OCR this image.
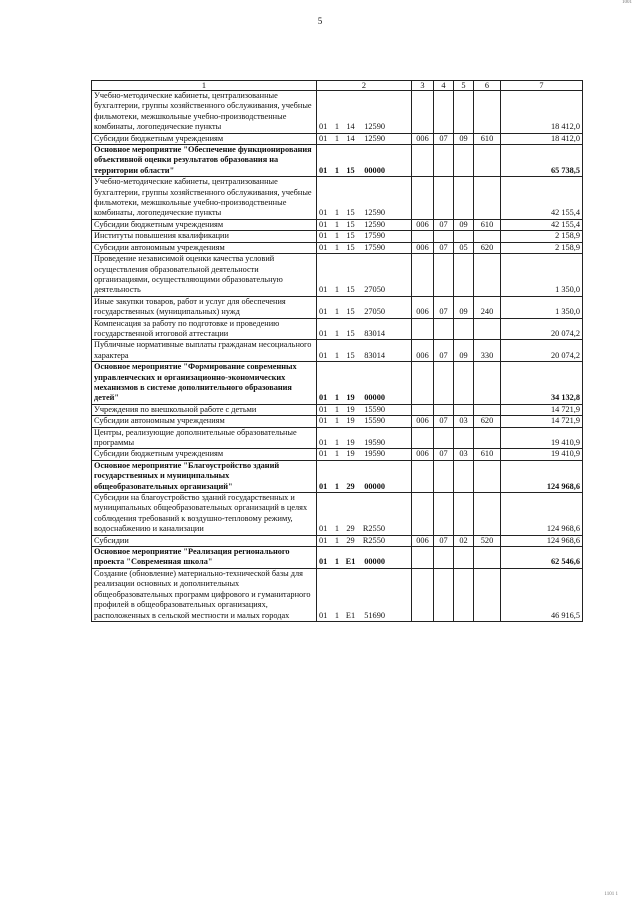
5
1001
1101 1
1	2	3	4	5	6	7
Учебно-методические кабинеты, централизованные бухгалтерии, группы хозяйственного обслуживания, учебные фильмотеки, межшкольные учебно-производственные комбинаты, логопедические пункты	01 1 14 12590					18 412,0
Субсидии бюджетным учреждениям	01 1 14 12590	006	07	09	610	18 412,0
Основное мероприятие "Обеспечение функционирования объективной оценки результатов образования на территории области"	01 1 15 00000					65 738,5
Учебно-методические кабинеты, централизованные бухгалтерии, группы хозяйственного обслуживания, учебные фильмотеки, межшкольные учебно-производственные комбинаты, логопедические пункты	01 1 15 12590					42 155,4
Субсидии бюджетным учреждениям	01 1 15 12590	006	07	09	610	42 155,4
Институты повышения квалификации	01 1 15 17590					2 158,9
Субсидии автономным учреждениям	01 1 15 17590	006	07	05	620	2 158,9
Проведение независимой оценки качества условий осуществления образовательной деятельности организациями, осуществляющими образовательную деятельность	01 1 15 27050					1 350,0
Иные закупки товаров, работ и услуг для обеспечения государственных (муниципальных) нужд	01 1 15 27050	006	07	09	240	1 350,0
Компенсация за работу по подготовке и проведению государственной итоговой аттестации	01 1 15 83014					20 074,2
Публичные нормативные выплаты гражданам несоциального характера	01 1 15 83014	006	07	09	330	20 074,2
Основное мероприятие "Формирование современных управленческих и организационно-экономических механизмов в системе дополнительного образования детей"	01 1 19 00000					34 132,8
Учреждения по внешкольной работе с детьми	01 1 19 15590					14 721,9
Субсидии автономным учреждениям	01 1 19 15590	006	07	03	620	14 721,9
Центры, реализующие дополнительные образовательные программы	01 1 19 19590					19 410,9
Субсидии бюджетным учреждениям	01 1 19 19590	006	07	03	610	19 410,9
Основное мероприятие "Благоустройство зданий государственных и муниципальных общеобразовательных организаций"	01 1 29 00000					124 968,6
Субсидии на благоустройство зданий государственных и муниципальных общеобразовательных организаций в целях соблюдения требований к воздушно-тепловому режиму, водоснабжению и канализации	01 1 29 R2550					124 968,6
Субсидии	01 1 29 R2550	006	07	02	520	124 968,6
Основное мероприятие "Реализация регионального проекта "Современная школа"	01 1 E1 00000					62 546,6
Создание (обновление) материально-технической базы для реализации основных и дополнительных общеобразовательных программ цифрового и гуманитарного профилей в общеобразовательных организациях, расположенных в сельской местности и малых городах	01 1 E1 51690					46 916,5
